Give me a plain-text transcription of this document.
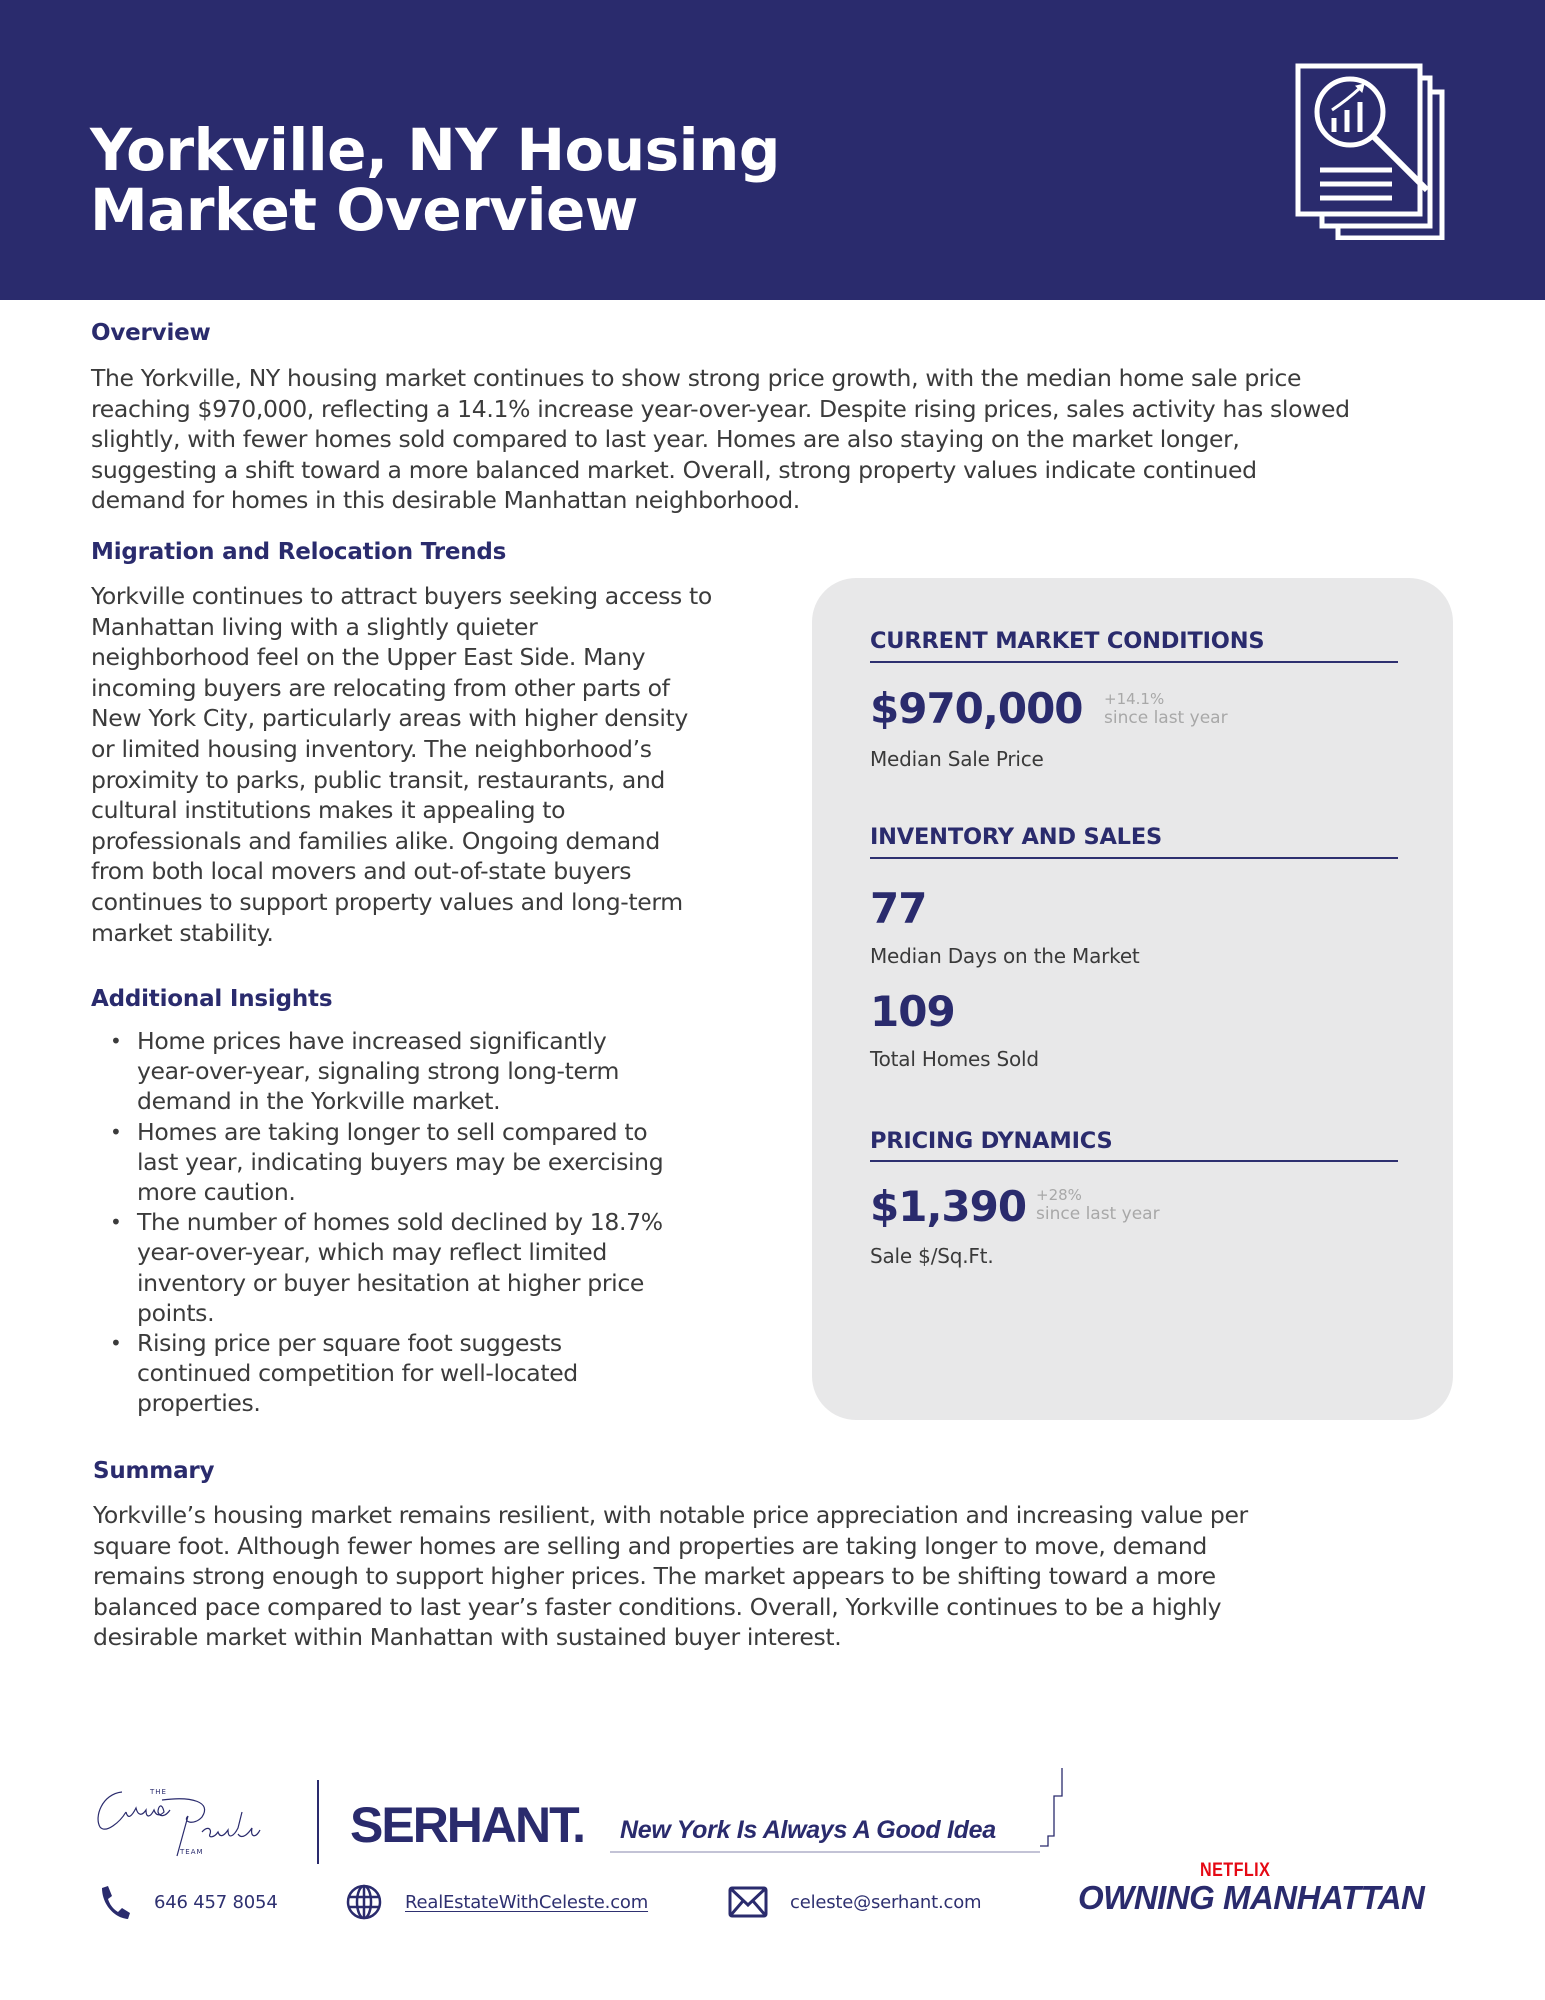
Yorkville, NY Housing
Market Overview
Overview
The Yorkville, NY housing market continues to show strong price growth, with the median home sale price
reaching $970,000, reflecting a 14.1% increase year-over-year. Despite rising prices, sales activity has slowed
slightly, with fewer homes sold compared to last year. Homes are also staying on the market longer,
suggesting a shift toward a more balanced market. Overall, strong property values indicate continued
demand for homes in this desirable Manhattan neighborhood.
Migration and Relocation Trends
Yorkville continues to attract buyers seeking access to
Manhattan living with a slightly quieter
neighborhood feel on the Upper East Side. Many
incoming buyers are relocating from other parts of
New York City, particularly areas with higher density
or limited housing inventory. The neighborhood’s
proximity to parks, public transit, restaurants, and
cultural institutions makes it appealing to
professionals and families alike. Ongoing demand
from both local movers and out-of-state buyers
continues to support property values and long-term
market stability.
Additional Insights
• Home prices have increased significantly
year-over-year, signaling strong long-term
demand in the Yorkville market.
• Homes are taking longer to sell compared to
last year, indicating buyers may be exercising
more caution.
• The number of homes sold declined by 18.7%
year-over-year, which may reflect limited
inventory or buyer hesitation at higher price
points.
• Rising price per square foot suggests
continued competition for well-located
properties.
CURRENT MARKET CONDITIONS
$970,000 +14.1%
since last year
Median Sale Price
INVENTORY AND SALES
77
Median Days on the Market
109
Total Homes Sold
PRICING DYNAMICS
$1,390 +28%
since last year
Sale $/Sq.Ft.
Summary
Yorkville’s housing market remains resilient, with notable price appreciation and increasing value per
square foot. Although fewer homes are selling and properties are taking longer to move, demand
remains strong enough to support higher prices. The market appears to be shifting toward a more
balanced pace compared to last year’s faster conditions. Overall, Yorkville continues to be a highly
desirable market within Manhattan with sustained buyer interest.
THE
TEAM	SERHANT. New York Is Always A Good Idea
646 457 8054	RealEstateWithCeleste.com	celeste@serhant.com
NETFLIX
OWNING MANHATTAN
